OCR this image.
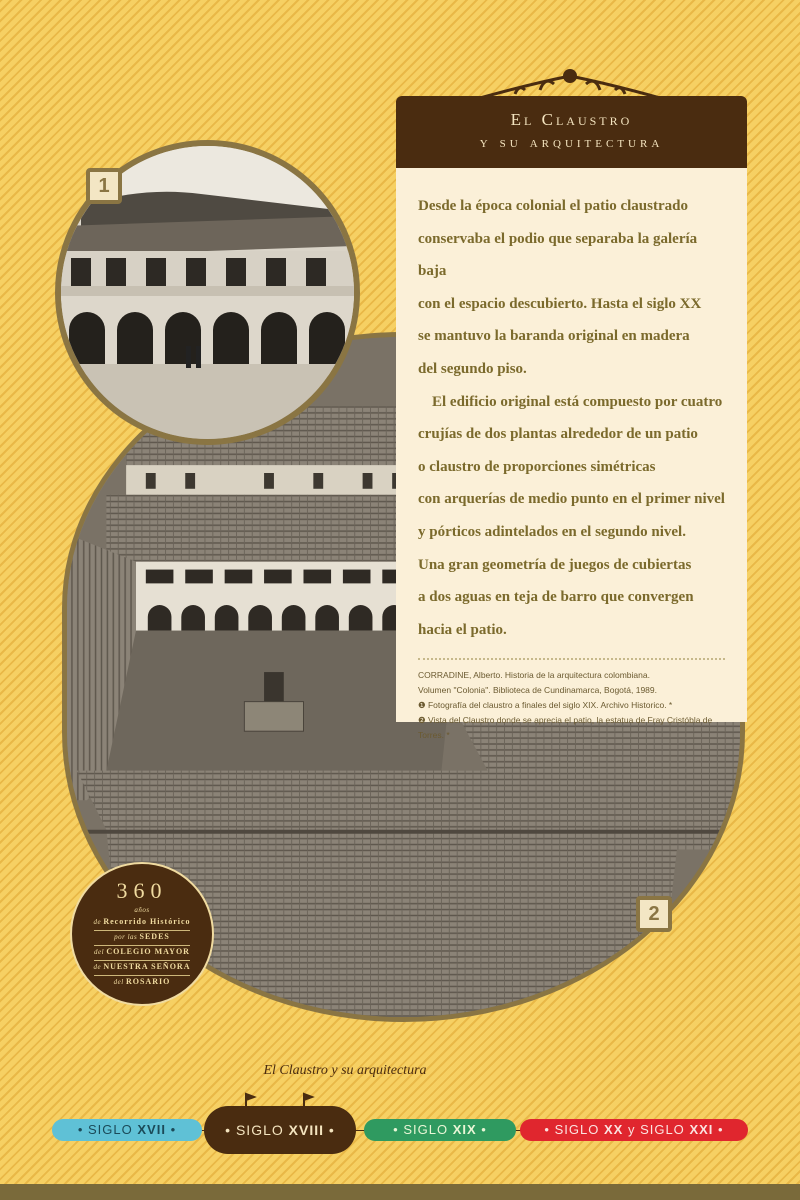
1
2
El Claustro
y su arquitectura

Desde la época colonial el patio claustrado
conservaba el podio que separaba la galería baja
con el espacio descubierto. Hasta el siglo XX
se mantuvo la baranda original en madera
del segundo piso.

El edificio original está compuesto por cuatro
crujías de dos plantas alrededor de un patio
o claustro de proporciones simétricas
con arquerías de medio punto en el primer nivel
y pórticos adintelados en el segundo nivel.
Una gran geometría de juegos de cubiertas
a dos aguas en teja de barro que convergen
hacia el patio.

CORRADINE, Alberto. Historia de la arquitectura colombiana.
Volumen "Colonia". Biblioteca de Cundinamarca, Bogotá, 1989.
❶ Fotografía del claustro a finales del siglo XIX. Archivo Historico. *
❷ Vista del Claustro donde se aprecia el patio, la estatua de Fray Cristóbla de Torres. *
360
años
de Recorrido Histórico
por las SEDES
del COLEGIO MAYOR
de NUESTRA SEÑORA
del ROSARIO
El Claustro y su arquitectura
• SIGLO XVII •	• SIGLO XVIII •	• SIGLO XIX •	• SIGLO XX y SIGLO XXI •
